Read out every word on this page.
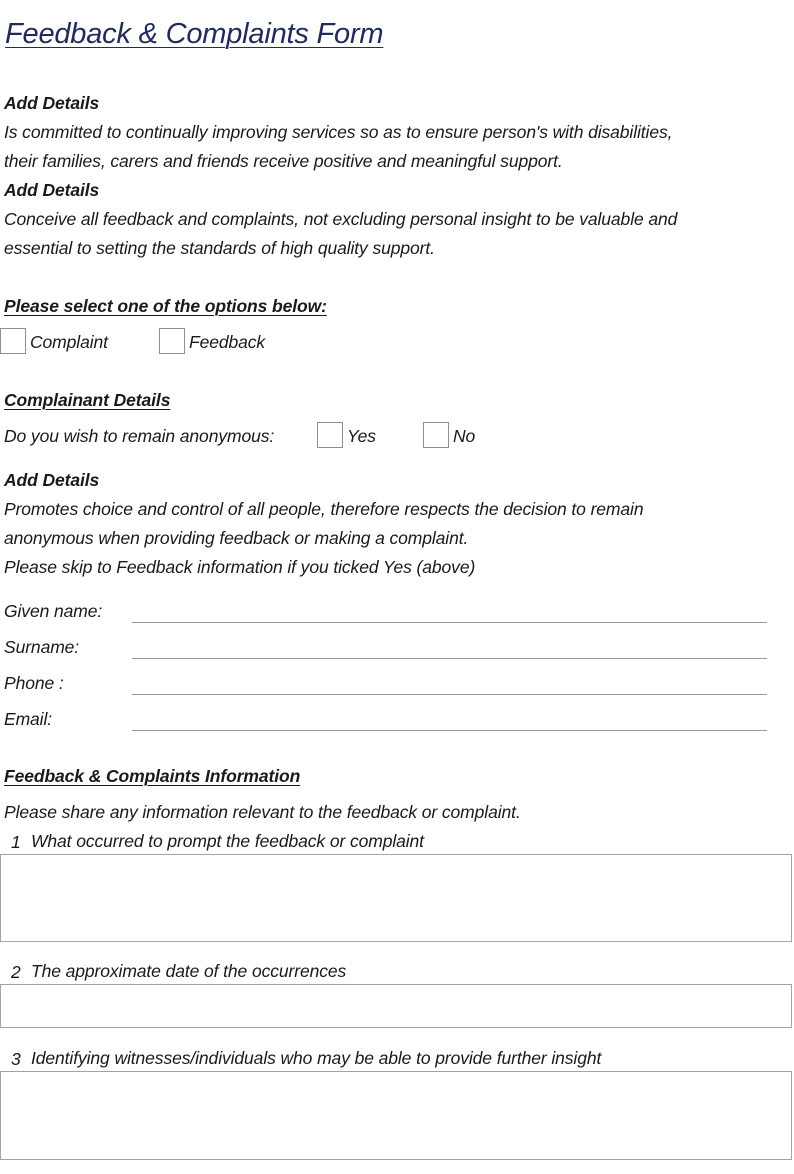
Feedback & Complaints Form
Add Details
Is committed to continually improving services so as to ensure person's with disabilities,
their families, carers and friends receive positive and meaningful support.
Add Details
Conceive all feedback and complaints, not excluding personal insight to be valuable and
essential to setting the standards of high quality support.
Please select one of the options below:
Complaint	Feedback
Complainant Details
Do you wish to remain anonymous:	Yes	No
Add Details
Promotes choice and control of all people, therefore respects the decision to remain
anonymous when providing feedback or making a complaint.
Please skip to Feedback information if you ticked Yes (above)
Given name:
Surname:
Phone :
Email:
Feedback & Complaints Information
Please share any information relevant to the feedback or complaint.
1 What occurred to prompt the feedback or complaint
2 The approximate date of the occurrences
3 Identifying witnesses/individuals who may be able to provide further insight
